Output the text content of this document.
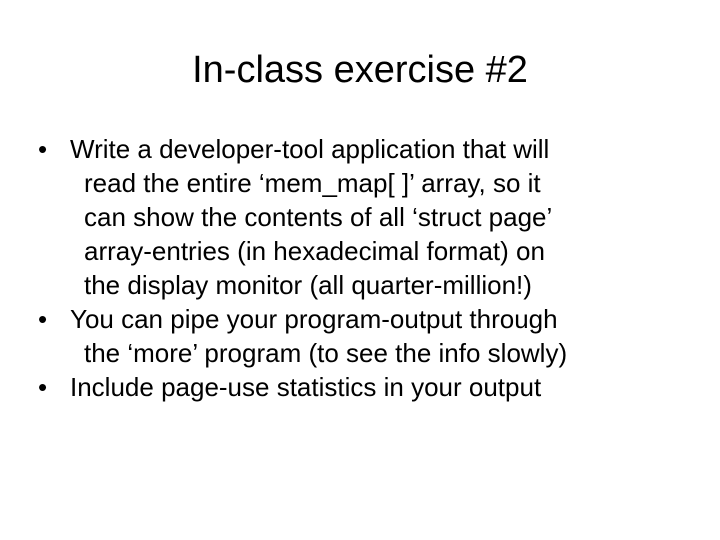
In-class exercise #2
• Write a developer-tool application that will
read the entire ‘mem_map[ ]’ array, so it
can show the contents of all ‘struct page’
array-entries (in hexadecimal format) on
the display monitor (all quarter-million!)
• You can pipe your program-output through
the ‘more’ program (to see the info slowly)
• Include page-use statistics in your output
